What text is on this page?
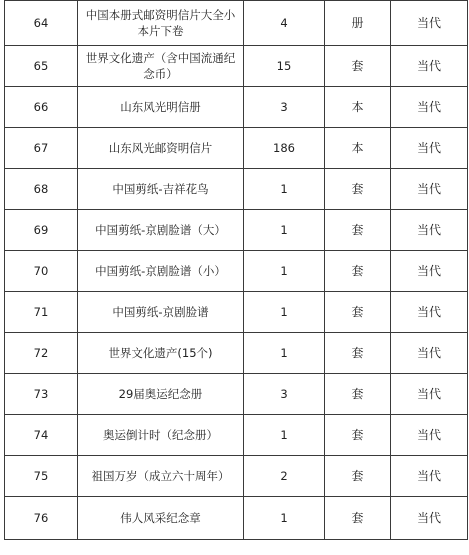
64	中国本册式邮资明信片大全小本片下卷	4	册	当代
65	世界文化遗产（含中国流通纪念币）	15	套	当代
66	山东风光明信册	3	本	当代
67	山东风光邮资明信片	186	本	当代
68	中国剪纸-吉祥花鸟	1	套	当代
69	中国剪纸-京剧脸谱（大）	1	套	当代
70	中国剪纸-京剧脸谱（小）	1	套	当代
71	中国剪纸-京剧脸谱	1	套	当代
72	世界文化遗产(15个)	1	套	当代
73	29届奥运纪念册	3	套	当代
74	奥运倒计时（纪念册）	1	套	当代
75	祖国万岁（成立六十周年）	2	套	当代
76	伟人风采纪念章	1	套	当代
